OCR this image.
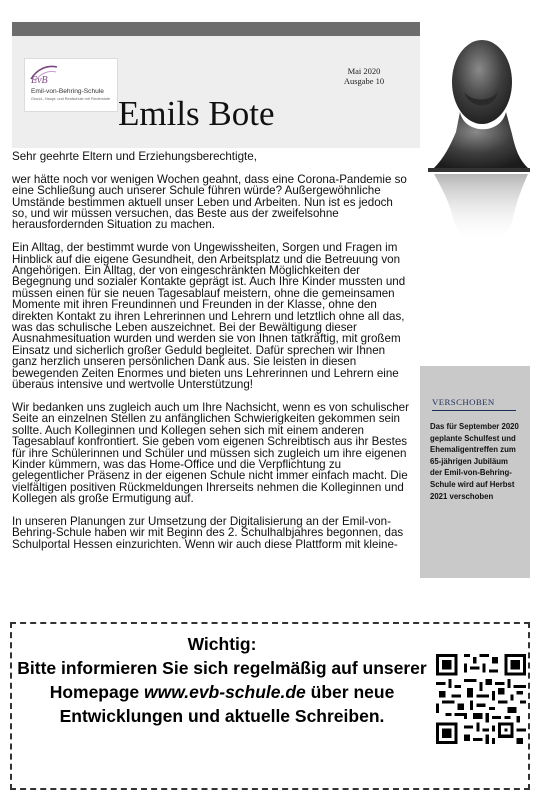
EvB
Emil-von-Behring-Schule
Grund-, Haupt- und Realschule mit Förderstufe
Mai 2020
Ausgabe 10
Emils Bote

Sehr geehrte Eltern und Erziehungsberechtigte,

wer hätte noch vor wenigen Wochen geahnt, dass eine Corona-Pandemie so eine Schließung auch unserer Schule führen würde? Außergewöhnliche Umstände bestimmen aktuell unser Leben und Arbeiten. Nun ist es jedoch so, und wir müssen versuchen, das Beste aus der zweifelsohne herausfordernden Situation zu machen.

Ein Alltag, der bestimmt wurde von Ungewissheiten, Sorgen und Fragen im Hinblick auf die eigene Gesundheit, den Arbeitsplatz und die Betreuung von Angehörigen. Ein Alltag, der von eingeschränkten Möglichkeiten der Begegnung und sozialer Kontakte geprägt ist. Auch Ihre Kinder mussten und müssen einen für sie neuen Tagesablauf meistern, ohne die gemeinsamen Momente mit ihren Freundinnen und Freunden in der Klasse, ohne den direkten Kontakt zu ihren Lehrerinnen und Lehrern und letztlich ohne all das, was das schulische Leben auszeichnet. Bei der Bewältigung dieser Ausnahmesituation wurden und werden sie von Ihnen tatkräftig, mit großem Einsatz und sicherlich großer Geduld begleitet. Dafür sprechen wir Ihnen ganz herzlich unseren persönlichen Dank aus. Sie leisten in diesen bewegenden Zeiten Enormes und bieten uns Lehrerinnen und Lehrern eine überaus intensive und wertvolle Unterstützung!

Wir bedanken uns zugleich auch um Ihre Nachsicht, wenn es von schulischer Seite an einzelnen Stellen zu anfänglichen Schwierigkeiten gekommen sein sollte. Auch Kolleginnen und Kollegen sehen sich mit einem anderen Tagesablauf konfrontiert. Sie geben vom eigenen Schreibtisch aus ihr Bestes für ihre Schülerinnen und Schüler und müssen sich zugleich um ihre eigenen Kinder kümmern, was das Home-Office und die Verpflichtung zu gelegentlicher Präsenz in der eigenen Schule nicht immer einfach macht. Die vielfältigen positiven Rückmeldungen Ihrerseits nehmen die Kolleginnen und Kollegen als große Ermutigung auf.

In unseren Planungen zur Umsetzung der Digitalisierung an der Emil-von-Behring-Schule haben wir mit Beginn des 2. Schulhalbjahres begonnen, das Schulportal Hessen einzurichten. Wenn wir auch diese Plattform mit kleine-

VERSCHOBEN
Das für September 2020 geplante Schulfest und Ehemaligentreffen zum 65-jährigen Jubiläum der Emil-von-Behring-Schule wird auf Herbst 2021 verschoben
Wichtig:
Bitte informieren Sie sich regelmäßig auf unserer Homepage www.evb-schule.de über neue Entwicklungen und aktuelle Schreiben.
